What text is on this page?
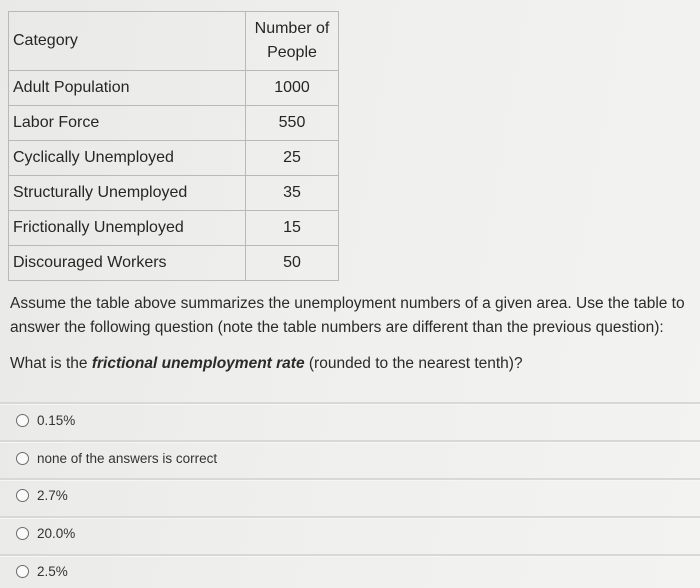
Category	Number of
People

Adult Population	1000
Labor Force	550
Cyclically Unemployed	25
Structurally Unemployed	35
Frictionally Unemployed	15
Discouraged Workers	50

Assume the table above summarizes the unemployment numbers of a given area. Use the table to answer the following question (note the table numbers are different than the previous question):

What is the frictional unemployment rate (rounded to the nearest tenth)?

0.15%
none of the answers is correct
2.7%
20.0%
2.5%
